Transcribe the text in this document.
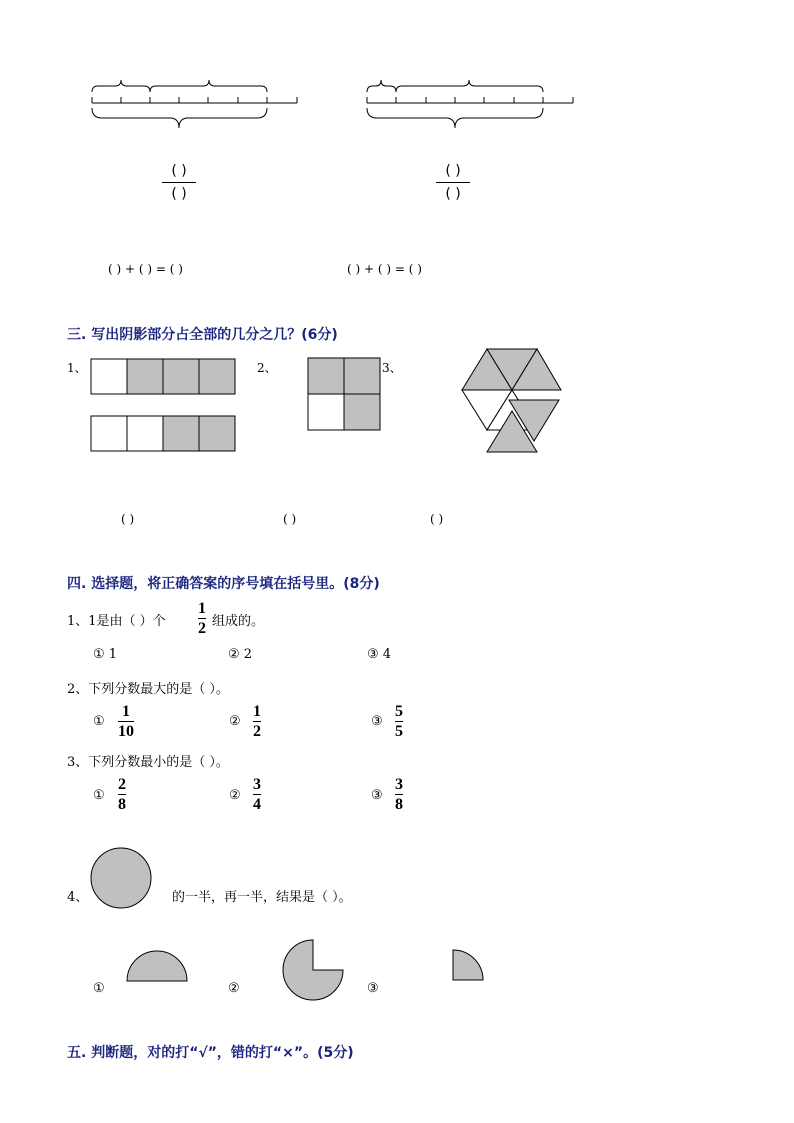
( )
( )
( )
( )
( ) + ( ) = ( )	( ) + ( ) = ( )
三. 写出阴影部分占全部的几分之几？(6分)
1、	2、	3、
( )	( )	( )
四. 选择题，将正确答案的序号填在括号里。(8分)
1、1是由（ ）个
1
2 组成的。
① 1	② 2	③ 4
2、下列分数最大的是（ ）。
①
1
10
②
1
2
③
5
5
3、下列分数最小的是（ ）。
①
2
8
②
3
4
③
3
8
4、	的一半，再一半，结果是（ ）。
①	②	③
五. 判断题，对的打“√”，错的打“×”。(5分)
